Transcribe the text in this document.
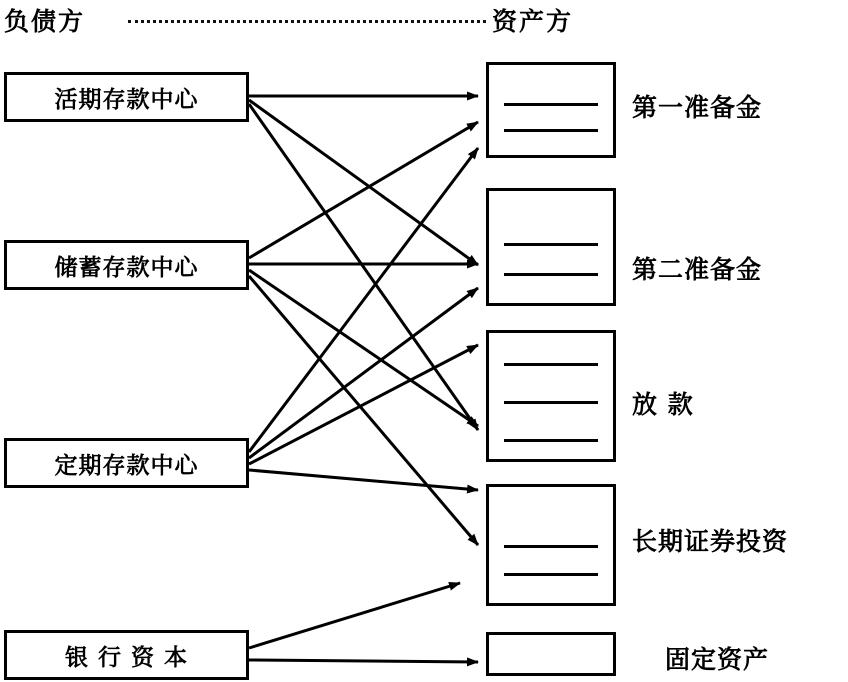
负债方	资产方
活期存款中心
储蓄存款中心
定期存款中心
银 行 资 本
第一准备金
第二准备金
放 款
长期证券投资
固定资产
